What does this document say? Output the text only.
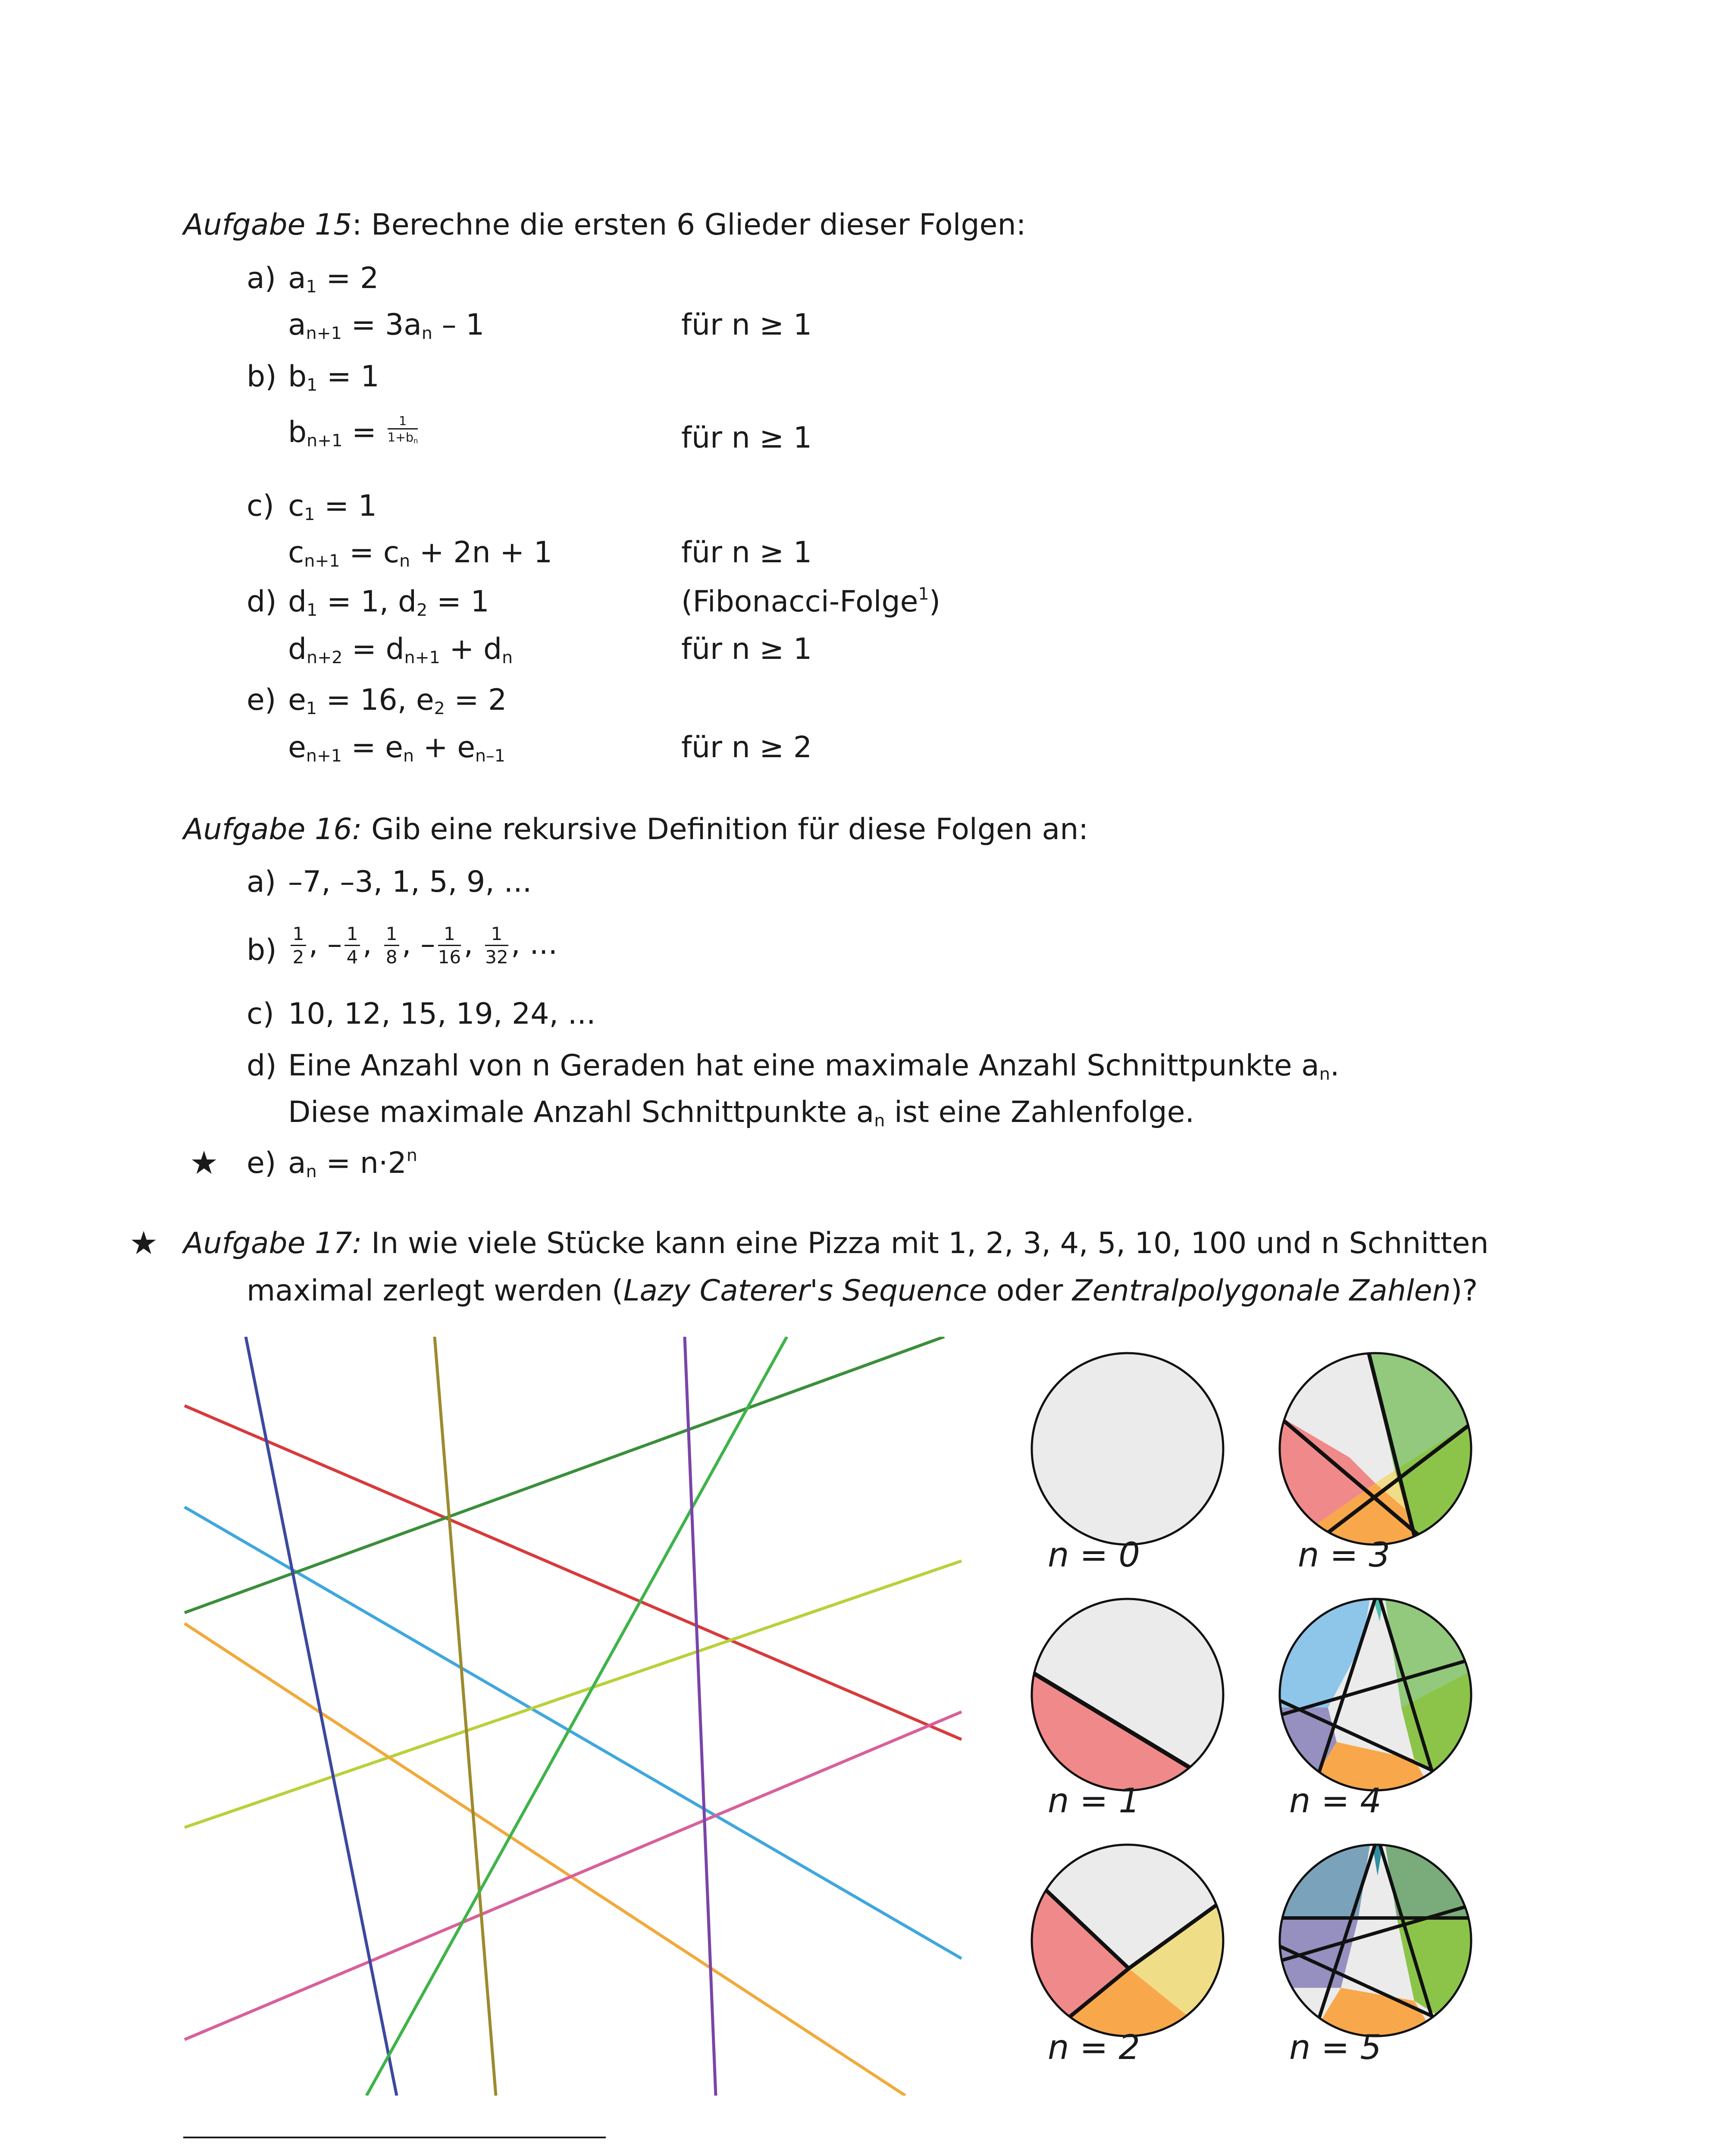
Aufgabe 15: Berechne die ersten 6 Glieder dieser Folgen:
a) $a_1 = 2$
$a_{n+1} = 3a_n - 1$	für n ≥ 1
b) $b_1 = 1$
$b_{n+1} = \frac{1}{1+b_n}$	für n ≥ 1
c) $c_1 = 1$
$c_{n+1} = c_n + 2n + 1$	für n ≥ 1
d) $d_1 = 1$, $d_2 = 1$	(Fibonacci-Folge$^1$)
$d_{n+2} = d_{n+1} + d_n$	für n ≥ 1
e) $e_1 = 16$, $e_2 = 2$
$e_{n+1} = e_n + e_{n-1}$	für n ≥ 2
Aufgabe 16: Gib eine rekursive Definition für diese Folgen an:
a) –7, –3, 1, 5, 9, ...
$b) \frac{1}{2}$ , – $\frac{1}{4}$ , $\frac{1}{8}$ , – $\frac{1}{16}$ , $\frac{1}{32}$ , ...
c) 10, 12, 15, 19, 24, ...
d) Eine Anzahl von n Geraden hat eine maximale Anzahl Schnittpunkte $a_n$.
Diese maximale Anzahl Schnittpunkte $a_n$ ist eine Zahlenfolge.
★ e) $a_n = n\cdot 2^n$
★ Aufgabe 17: In wie viele Stücke kann eine Pizza mit 1, 2, 3, 4, 5, 10, 100 und n Schnitten
maximal zerlegt werden (Lazy Caterer's Sequence oder Zentralpolygonale Zahlen)?
n = 0	n = 3
n = 1	n = 4
n = 2	n = 5
